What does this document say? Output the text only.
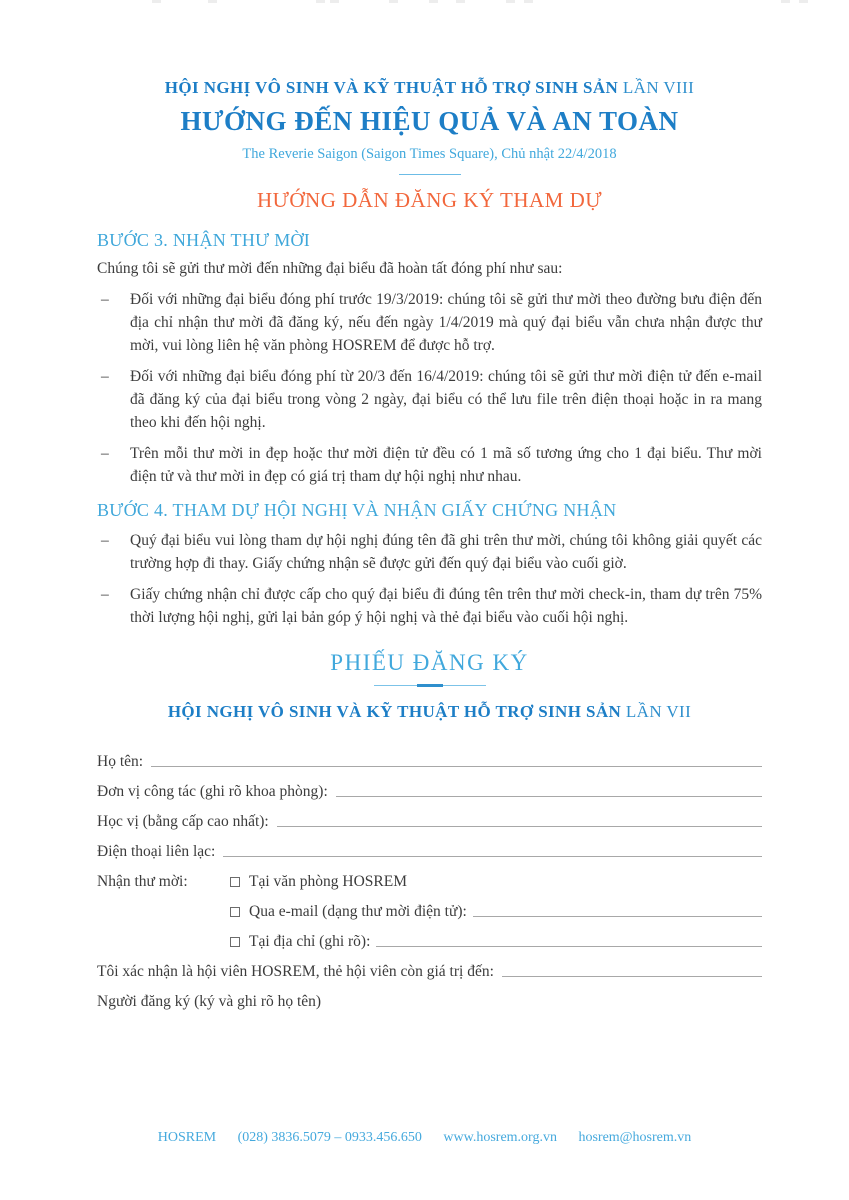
HỘI NGHỊ VÔ SINH VÀ KỸ THUẬT HỖ TRỢ SINH SẢN LẦN VIII
HƯỚNG ĐẾN HIỆU QUẢ VÀ AN TOÀN
The Reverie Saigon (Saigon Times Square), Chủ nhật 22/4/2018
HƯỚNG DẪN ĐĂNG KÝ THAM DỰ
BƯỚC 3. NHẬN THƯ MỜI
Chúng tôi sẽ gửi thư mời đến những đại biểu đã hoàn tất đóng phí như sau:
– Đối với những đại biểu đóng phí trước 19/3/2019: chúng tôi sẽ gửi thư mời theo đường bưu điện đến địa chỉ nhận thư mời đã đăng ký, nếu đến ngày 1/4/2019 mà quý đại biểu vẫn chưa nhận được thư mời, vui lòng liên hệ văn phòng HOSREM để được hỗ trợ.
– Đối với những đại biểu đóng phí từ 20/3 đến 16/4/2019: chúng tôi sẽ gửi thư mời điện tử đến e-mail đã đăng ký của đại biểu trong vòng 2 ngày, đại biểu có thể lưu file trên điện thoại hoặc in ra mang theo khi đến hội nghị.
– Trên mỗi thư mời in đẹp hoặc thư mời điện tử đều có 1 mã số tương ứng cho 1 đại biểu. Thư mời điện tử và thư mời in đẹp có giá trị tham dự hội nghị như nhau.
BƯỚC 4. THAM DỰ HỘI NGHỊ VÀ NHẬN GIẤY CHỨNG NHẬN
– Quý đại biểu vui lòng tham dự hội nghị đúng tên đã ghi trên thư mời, chúng tôi không giải quyết các trường hợp đi thay. Giấy chứng nhận sẽ được gửi đến quý đại biểu vào cuối giờ.
– Giấy chứng nhận chỉ được cấp cho quý đại biểu đi đúng tên trên thư mời check-in, tham dự trên 75% thời lượng hội nghị, gửi lại bản góp ý hội nghị và thẻ đại biểu vào cuối hội nghị.
PHIẾU ĐĂNG KÝ
HỘI NGHỊ VÔ SINH VÀ KỸ THUẬT HỖ TRỢ SINH SẢN LẦN VII
Họ tên:
Đơn vị công tác (ghi rõ khoa phòng):
Học vị (bằng cấp cao nhất):
Điện thoại liên lạc:
Nhận thư mời:	Tại văn phòng HOSREM
Qua e-mail (dạng thư mời điện tử):
Tại địa chỉ (ghi rõ):
Tôi xác nhận là hội viên HOSREM, thẻ hội viên còn giá trị đến:
Người đăng ký (ký và ghi rõ họ tên)
HOSREM (028) 3836.5079 – 0933.456.650 www.hosrem.org.vn hosrem@hosrem.vn
